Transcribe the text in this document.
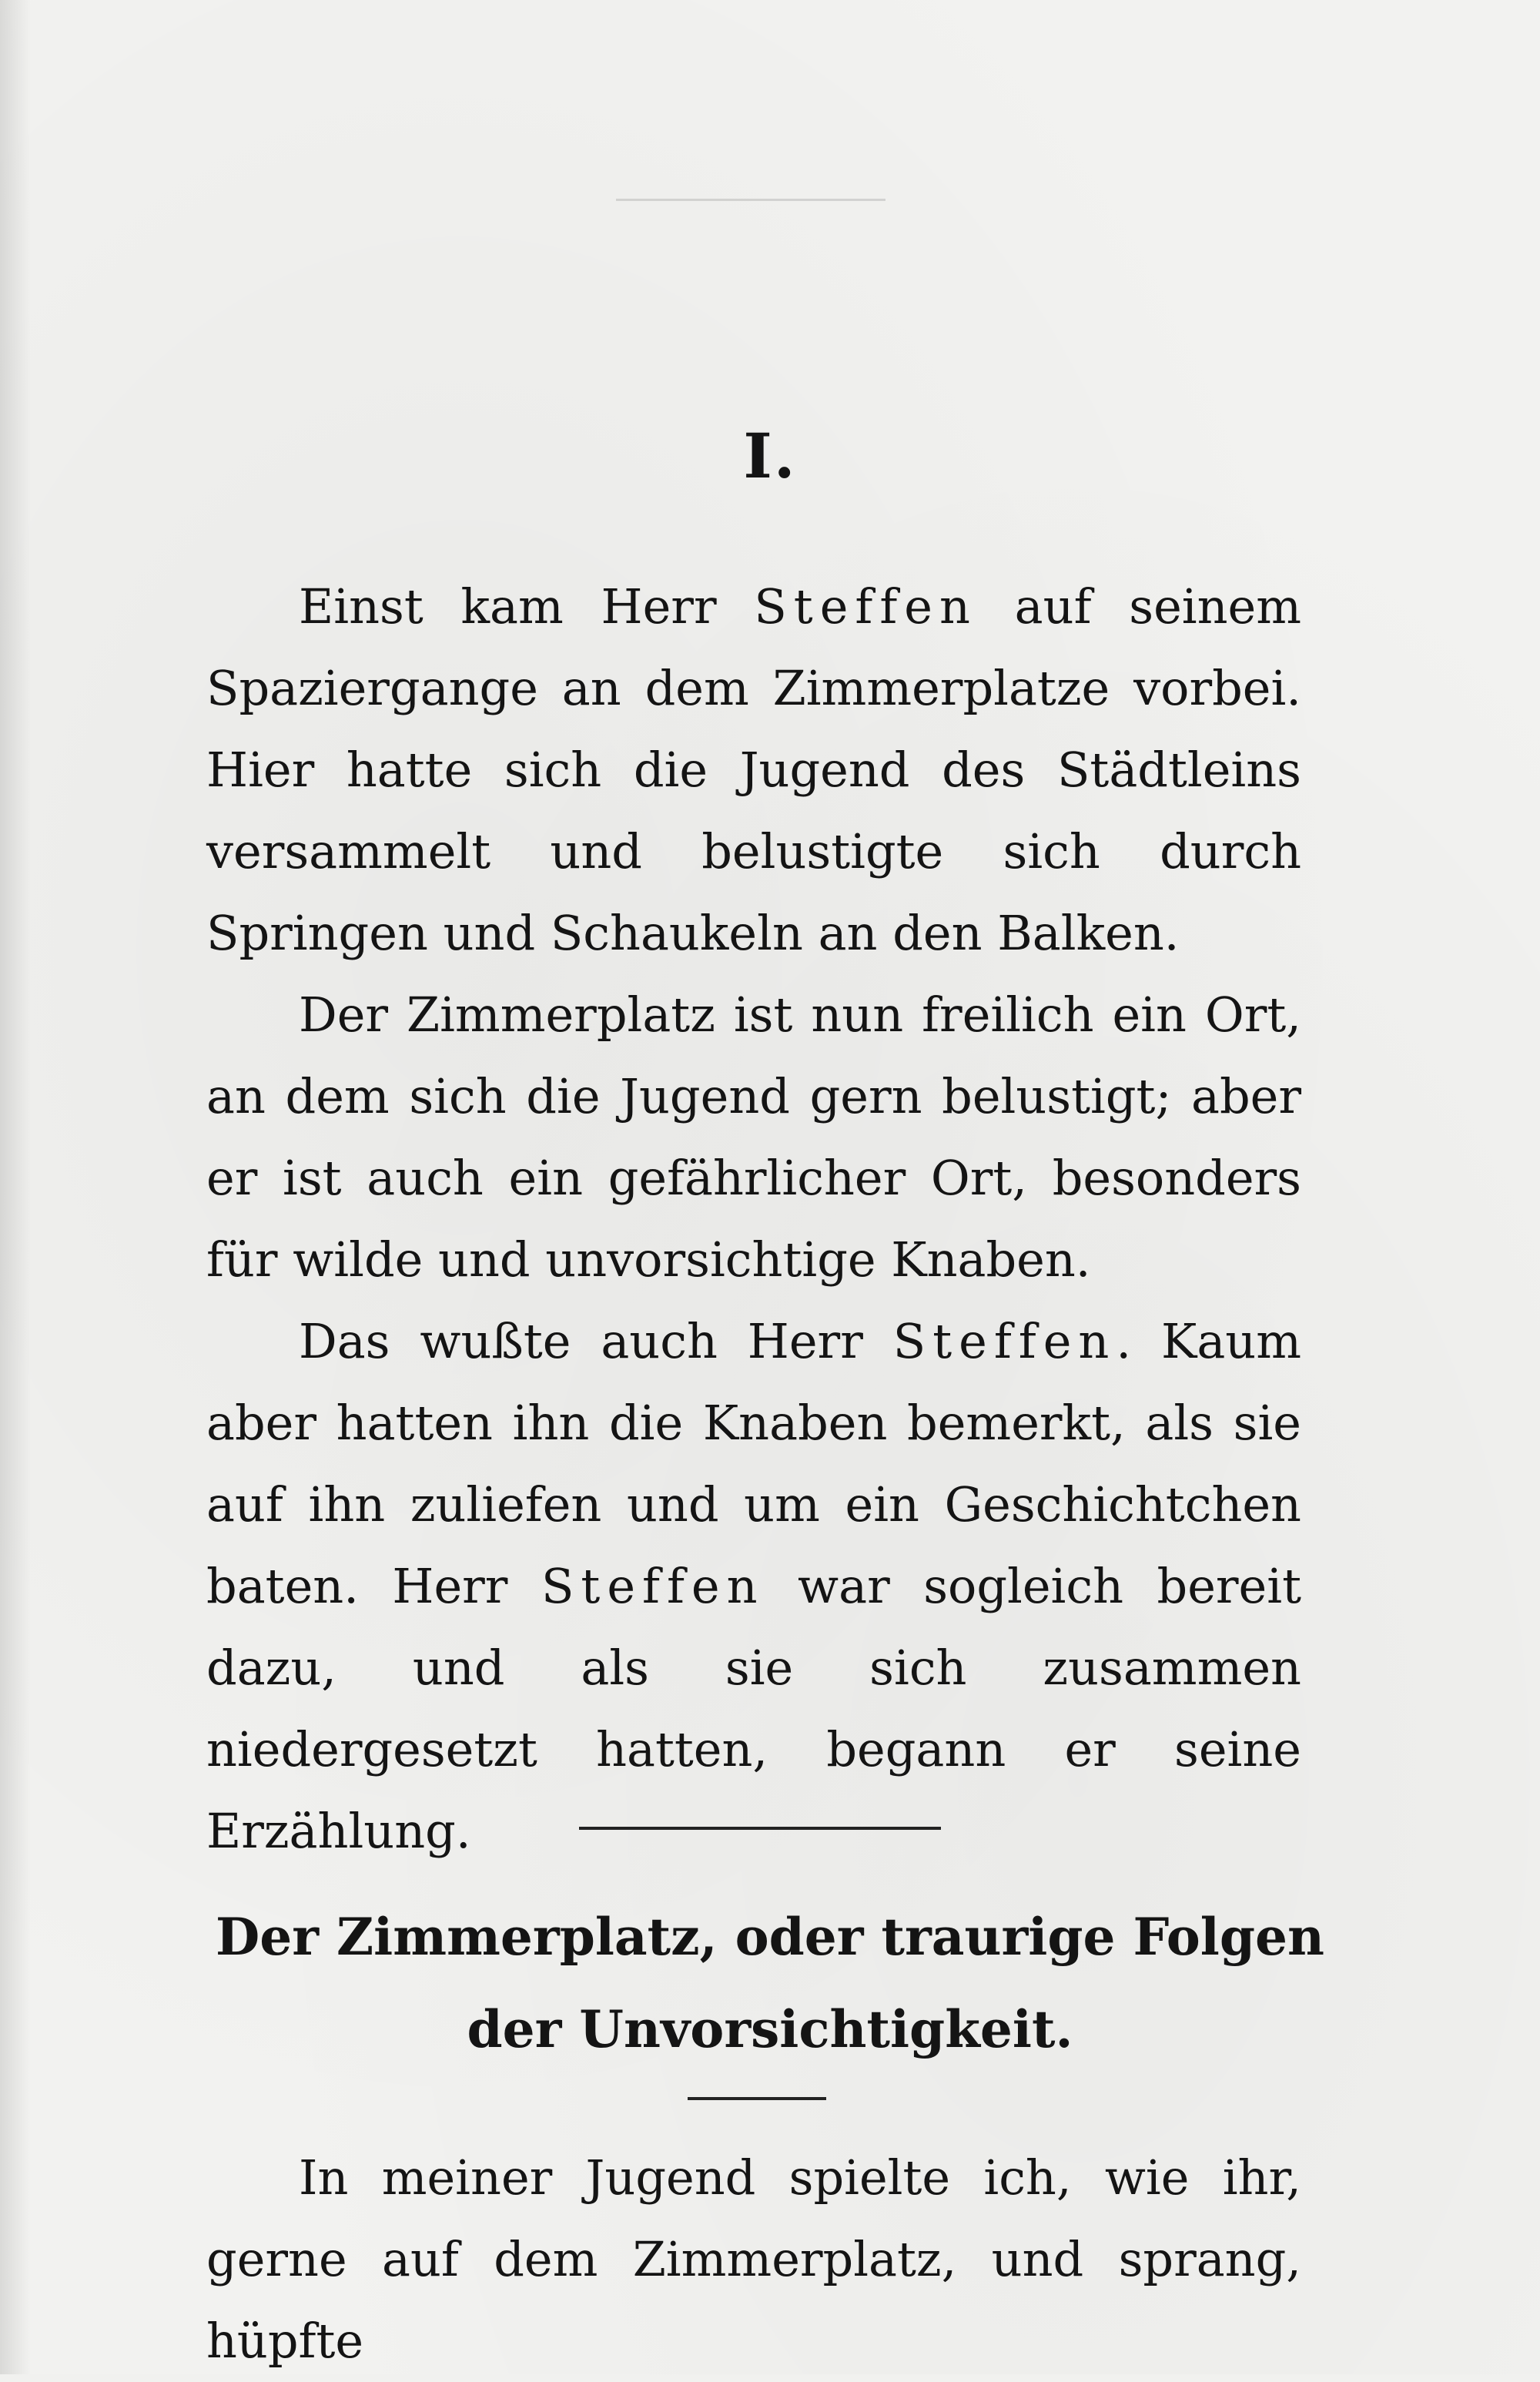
I.

Einst kam Herr Steffen auf seinem Spaziergange an dem Zimmerplatze vorbei. Hier hatte sich die Jugend des Städtleins versammelt und belustigte sich durch Springen und Schaukeln an den Balken.

Der Zimmerplatz ist nun freilich ein Ort, an dem sich die Jugend gern belustigt; aber er ist auch ein gefährlicher Ort, besonders für wilde und unvorsichtige Knaben.

Das wußte auch Herr Steffen. Kaum aber hatten ihn die Knaben bemerkt, als sie auf ihn zuliefen und um ein Geschichtchen baten. Herr Steffen war sogleich bereit dazu, und als sie sich zusammen niedergesetzt hatten, begann er seine Erzählung.

Der Zimmerplatz, oder traurige Folgen
der Unvorsichtigkeit.

In meiner Jugend spielte ich, wie ihr, gerne auf dem Zimmerplatz, und sprang, hüpfte
